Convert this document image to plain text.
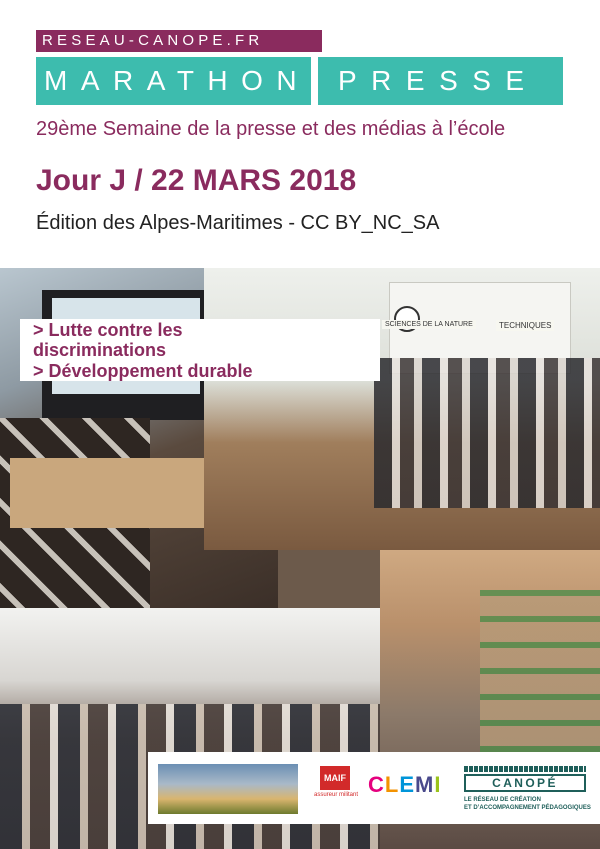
RESEAU-CANOPE.FR
MARATHON PRESSE
29ème Semaine de la presse et des médias à l’école
Jour J / 22 MARS 2018
Édition des Alpes-Maritimes - CC BY_NC_SA
SCIENCES DE LA NATURE	TECHNIQUES
> Lutte contre les
discriminations
> Développement durable
MAIF
assureur militant CLEMI	CANOPÉ
LE RÉSEAU DE CRÉATION
ET D’ACCOMPAGNEMENT PÉDAGOGIQUES
